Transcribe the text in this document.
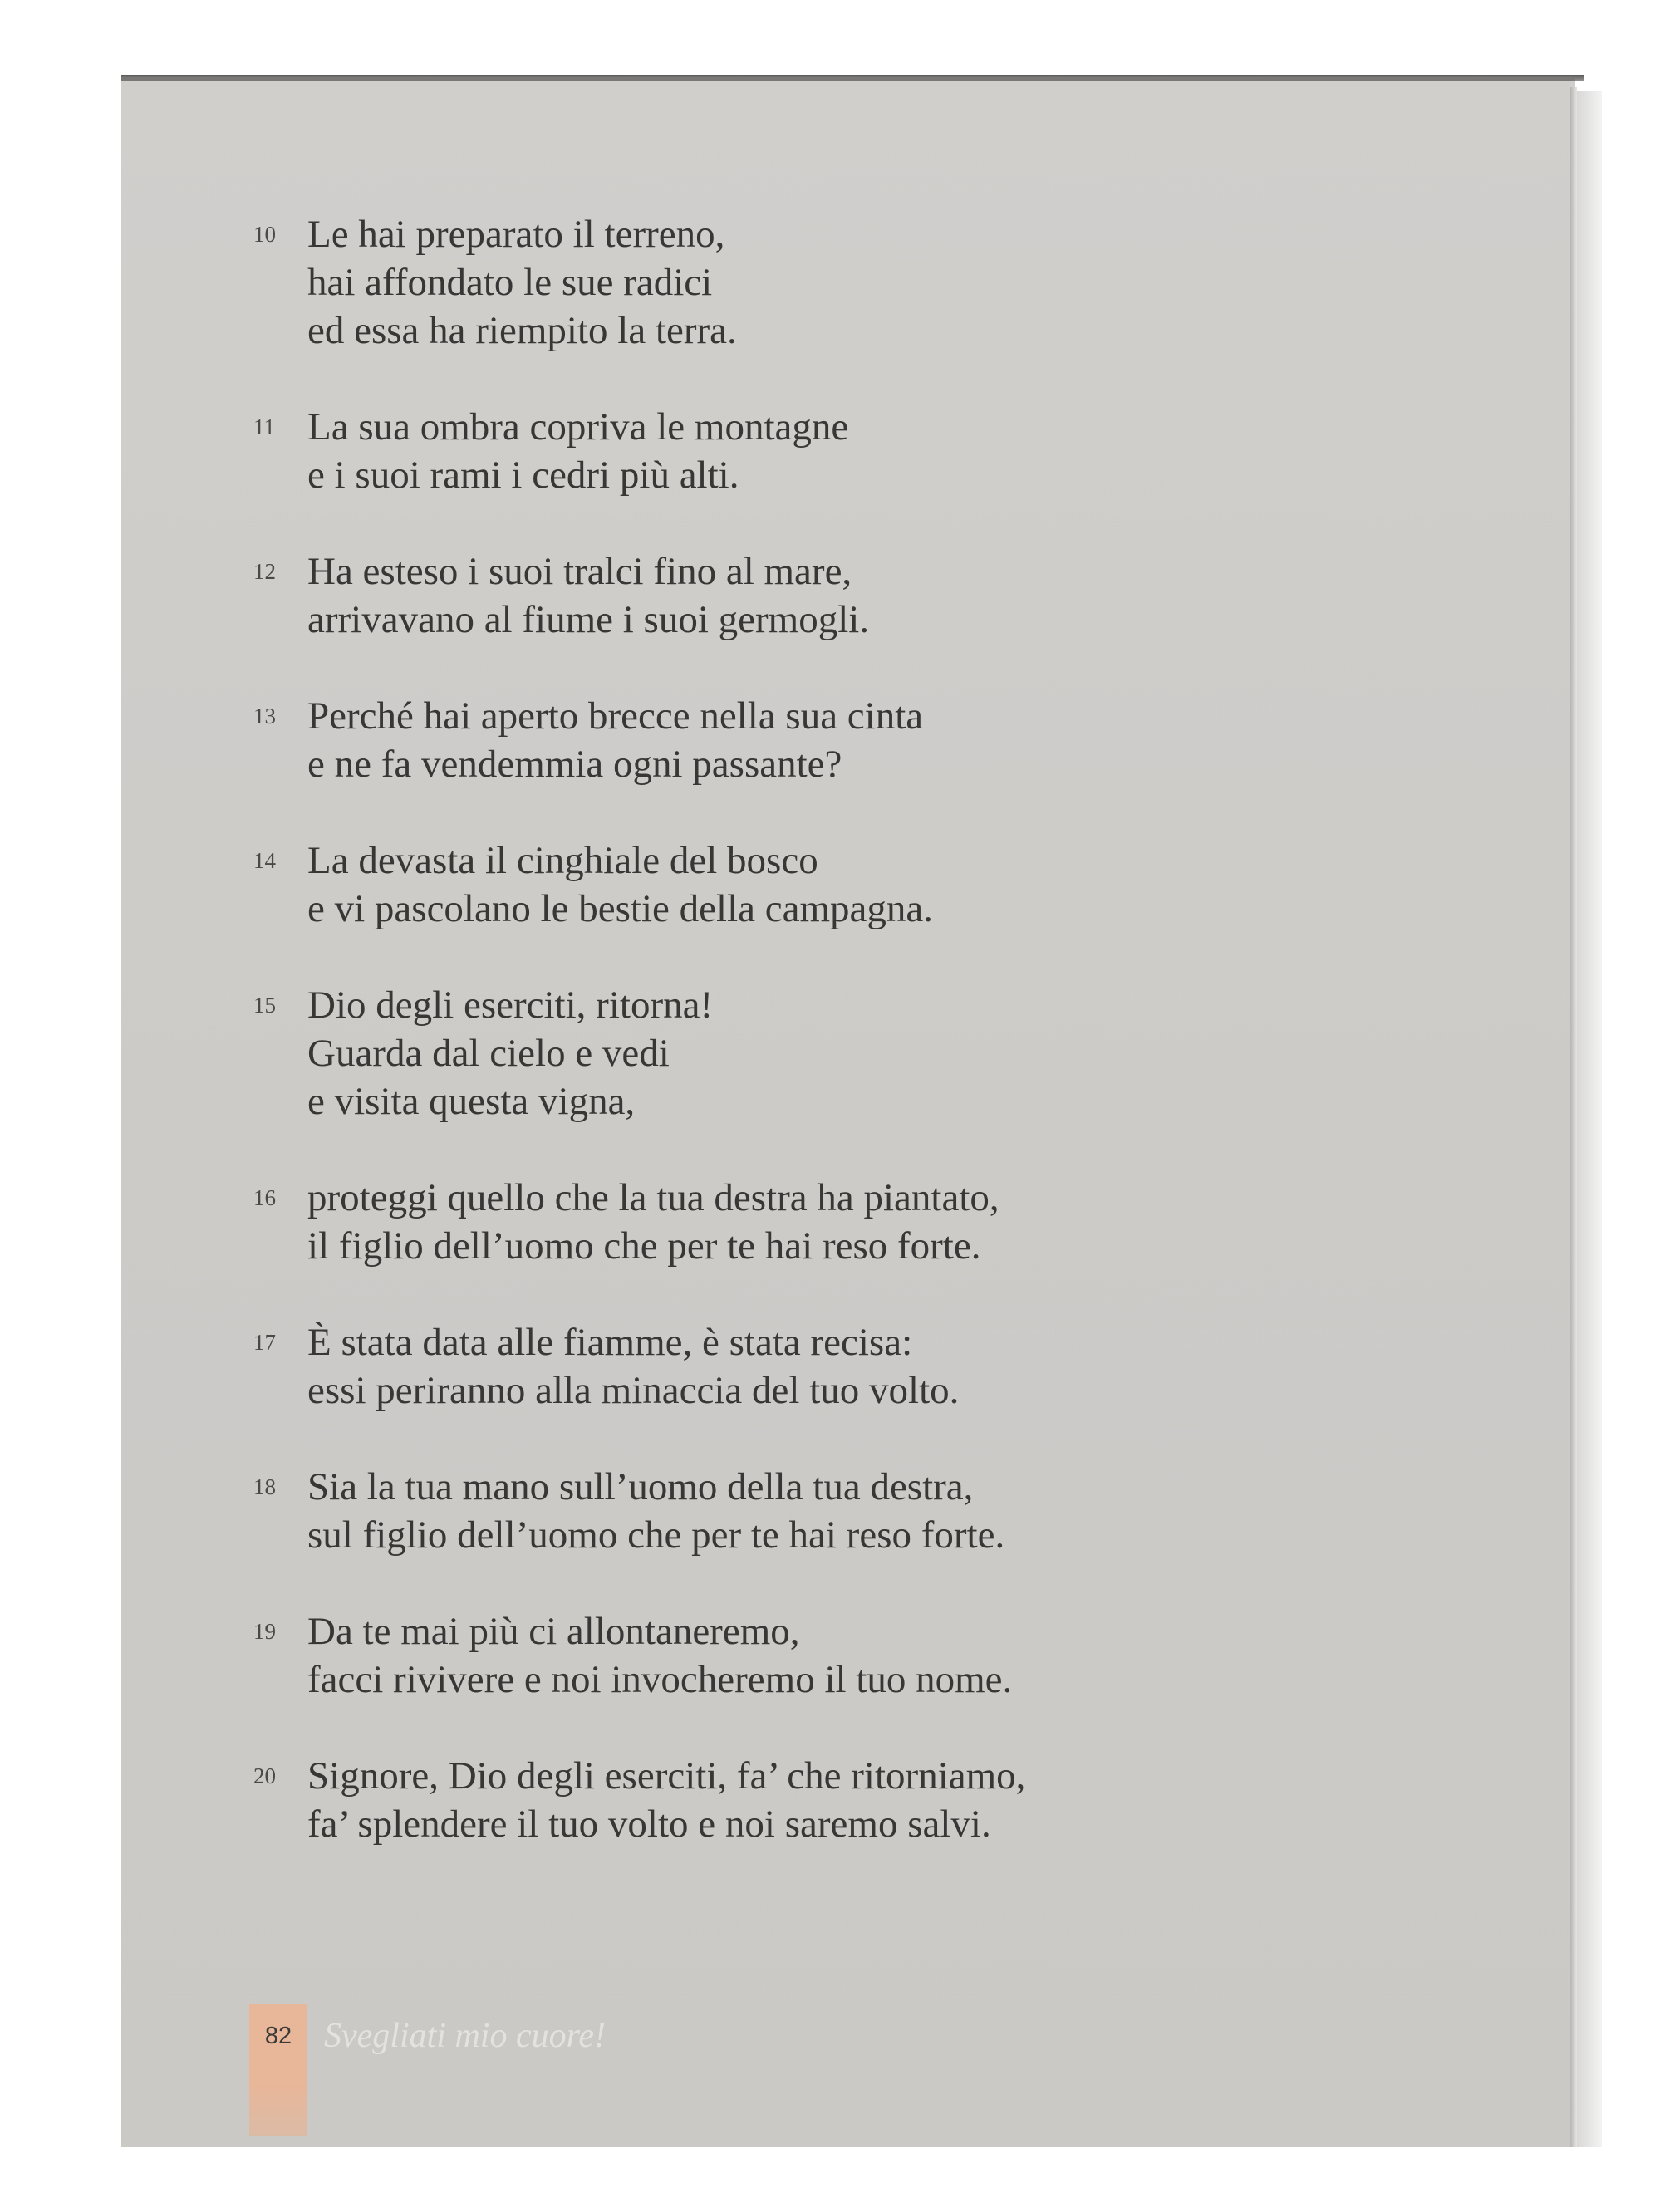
10 Le hai preparato il terreno,
hai affondato le sue radici
ed essa ha riempito la terra.
11 La sua ombra copriva le montagne
e i suoi rami i cedri più alti.
12 Ha esteso i suoi tralci fino al mare,
arrivavano al fiume i suoi germogli.
13 Perché hai aperto brecce nella sua cinta
e ne fa vendemmia ogni passante?
14 La devasta il cinghiale del bosco
e vi pascolano le bestie della campagna.
15 Dio degli eserciti, ritorna!
Guarda dal cielo e vedi
e visita questa vigna,
16 proteggi quello che la tua destra ha piantato,
il figlio dell’uomo che per te hai reso forte.
17 È stata data alle fiamme, è stata recisa:
essi periranno alla minaccia del tuo volto.
18 Sia la tua mano sull’uomo della tua destra,
sul figlio dell’uomo che per te hai reso forte.
19 Da te mai più ci allontaneremo,
facci rivivere e noi invocheremo il tuo nome.
20 Signore, Dio degli eserciti, fa’ che ritorniamo,
fa’ splendere il tuo volto e noi saremo salvi.
82 Svegliati mio cuore!
